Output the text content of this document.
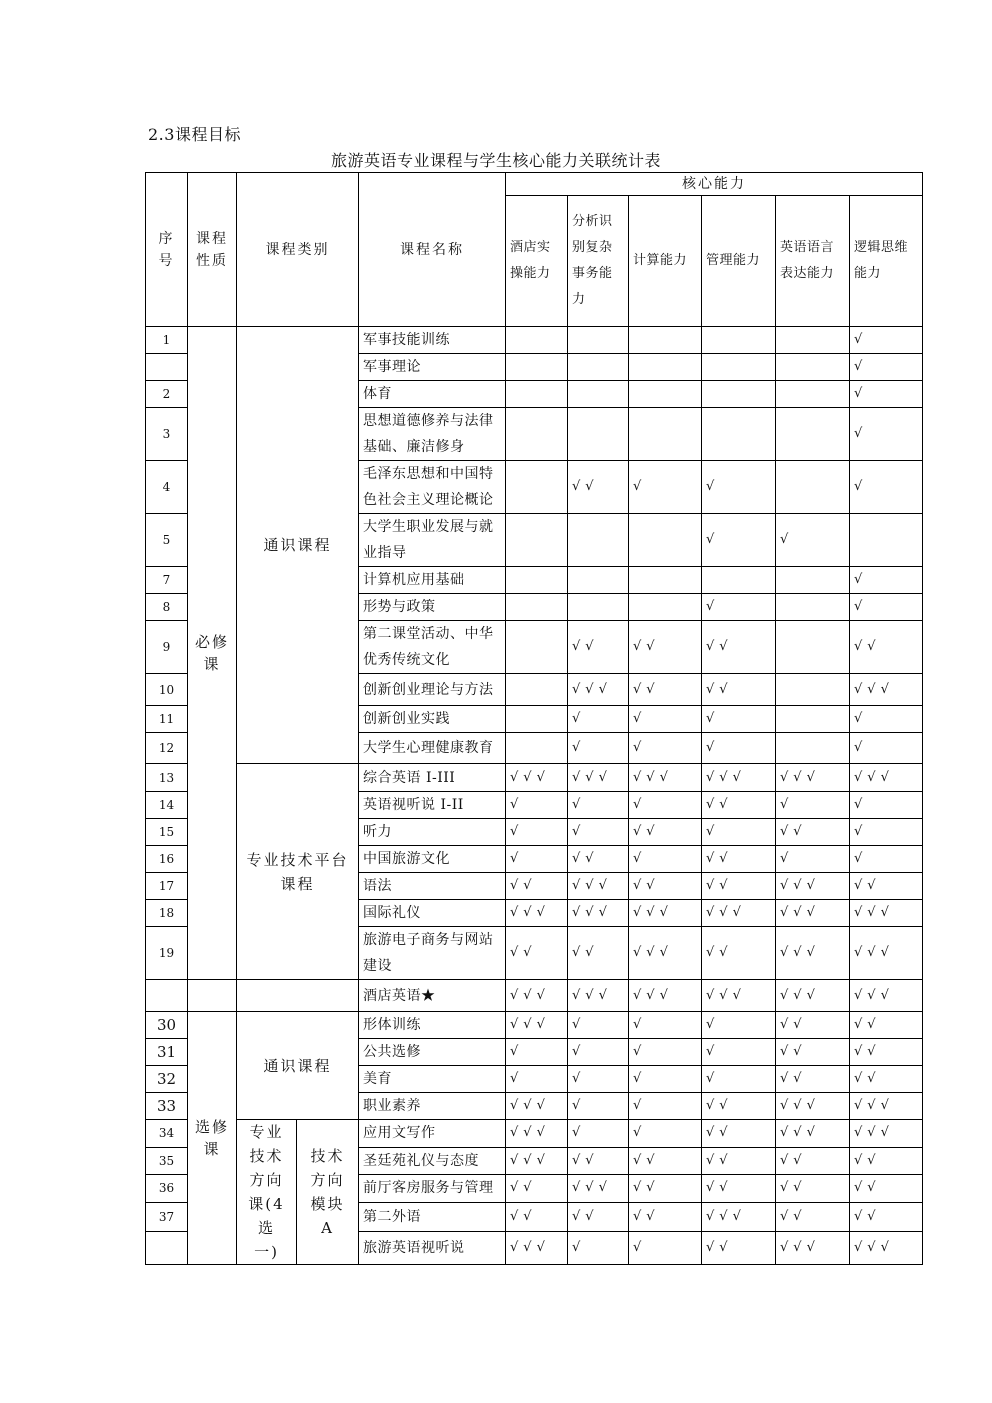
2.3课程目标
旅游英语专业课程与学生核心能力关联统计表
序号	课程性质	课程类别		课程名称	核心能力					
					酒店实操能力	分析识别复杂事务能力	计算能力	管理能力	英语语言表达能力	逻辑思维能力
1	必修课	通识课程		军事技能训练						√
				军事理论						√
2				体育						√
3				思想道德修养与法律基础、廉洁修身						√
4				毛泽东思想和中国特色社会主义理论概论		√√	√	√		√
5				大学生职业发展与就业指导				√	√	
7				计算机应用基础						√
8				形势与政策				√		√
9				第二课堂活动、中华优秀传统文化		√√	√√	√√		√√
10				创新创业理论与方法		√√√	√√	√√		√√√
11				创新创业实践		√	√	√		√
12				大学生心理健康教育		√	√	√		√
13		专业技术平台课程		综合英语 I-III	√√√	√√√	√√√	√√√	√√√	√√√
14				英语视听说 I-II	√	√	√	√√	√	√
15				听力	√	√	√√	√	√√	√
16				中国旅游文化	√	√√	√	√√	√	√
17				语法	√√	√√√	√√	√√	√√√	√√
18				国际礼仪	√√√	√√√	√√√	√√√	√√√	√√√
19				旅游电子商务与网站建设	√√	√√	√√√	√√	√√√	√√√
				酒店英语★	√√√	√√√	√√√	√√√	√√√	√√√
30	选修课	通识课程		形体训练	√√√	√	√	√	√√	√√
31				公共选修	√	√	√	√	√√	√√
32				美育	√	√	√	√	√√	√√
33				职业素养	√√√	√	√	√√	√√√	√√√
34		专业技术方向课(4选一)	技术方向模块A	应用文写作	√√√	√	√	√√	√√√	√√√
35				圣廷苑礼仪与态度	√√√	√√	√√	√√	√√	√√
36				前厅客房服务与管理	√√	√√√	√√	√√	√√	√√
37				第二外语	√√	√√	√√	√√√	√√	√√
				旅游英语视听说	√√√	√	√	√√	√√√	√√√
